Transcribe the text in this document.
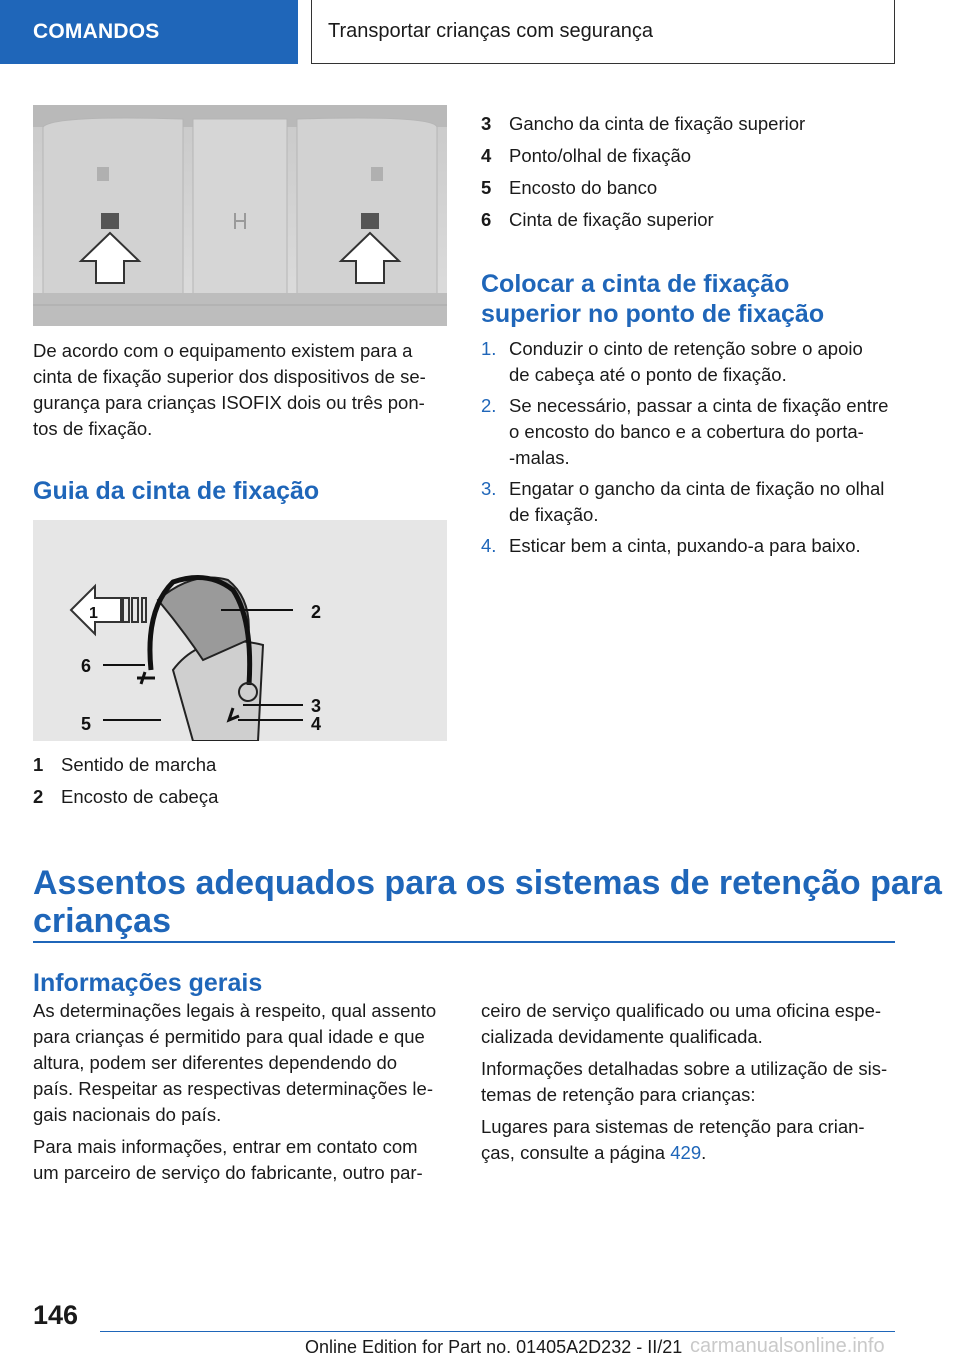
COMANDOS	Transportar crianças com segurança
De acordo com o equipamento existem para a
cinta de fixação superior dos dispositivos de se-
gurança para crianças ISOFIX dois ou três pon-
tos de fixação.
Guia da cinta de fixação
1	2
6
3
4
5
1 Sentido de marcha
2 Encosto de cabeça
3 Gancho da cinta de fixação superior
4 Ponto/olhal de fixação
5 Encosto do banco
6 Cinta de fixação superior
Colocar a cinta de fixação
superior no ponto de fixação
1. Conduzir o cinto de retenção sobre o apoio
de cabeça até o ponto de fixação.
2. Se necessário, passar a cinta de fixação entre
o encosto do banco e a cobertura do porta-
-malas.
3. Engatar o gancho da cinta de fixação no olhal
de fixação.
4. Esticar bem a cinta, puxando-a para baixo.
Assentos adequados para os sistemas de retenção para
crianças
Informações gerais
As determinações legais à respeito, qual assento
para crianças é permitido para qual idade e que
altura, podem ser diferentes dependendo do
país. Respeitar as respectivas determinações le-
gais nacionais do país.
Para mais informações, entrar em contato com
um parceiro de serviço do fabricante, outro par-
ceiro de serviço qualificado ou uma oficina espe-
cializada devidamente qualificada.
Informações detalhadas sobre a utilização de sis-
temas de retenção para crianças:
Lugares para sistemas de retenção para crian-
ças, consulte a página 429.
146
Online Edition for Part no. 01405A2D232 - II/21 carmanualsonline.info
